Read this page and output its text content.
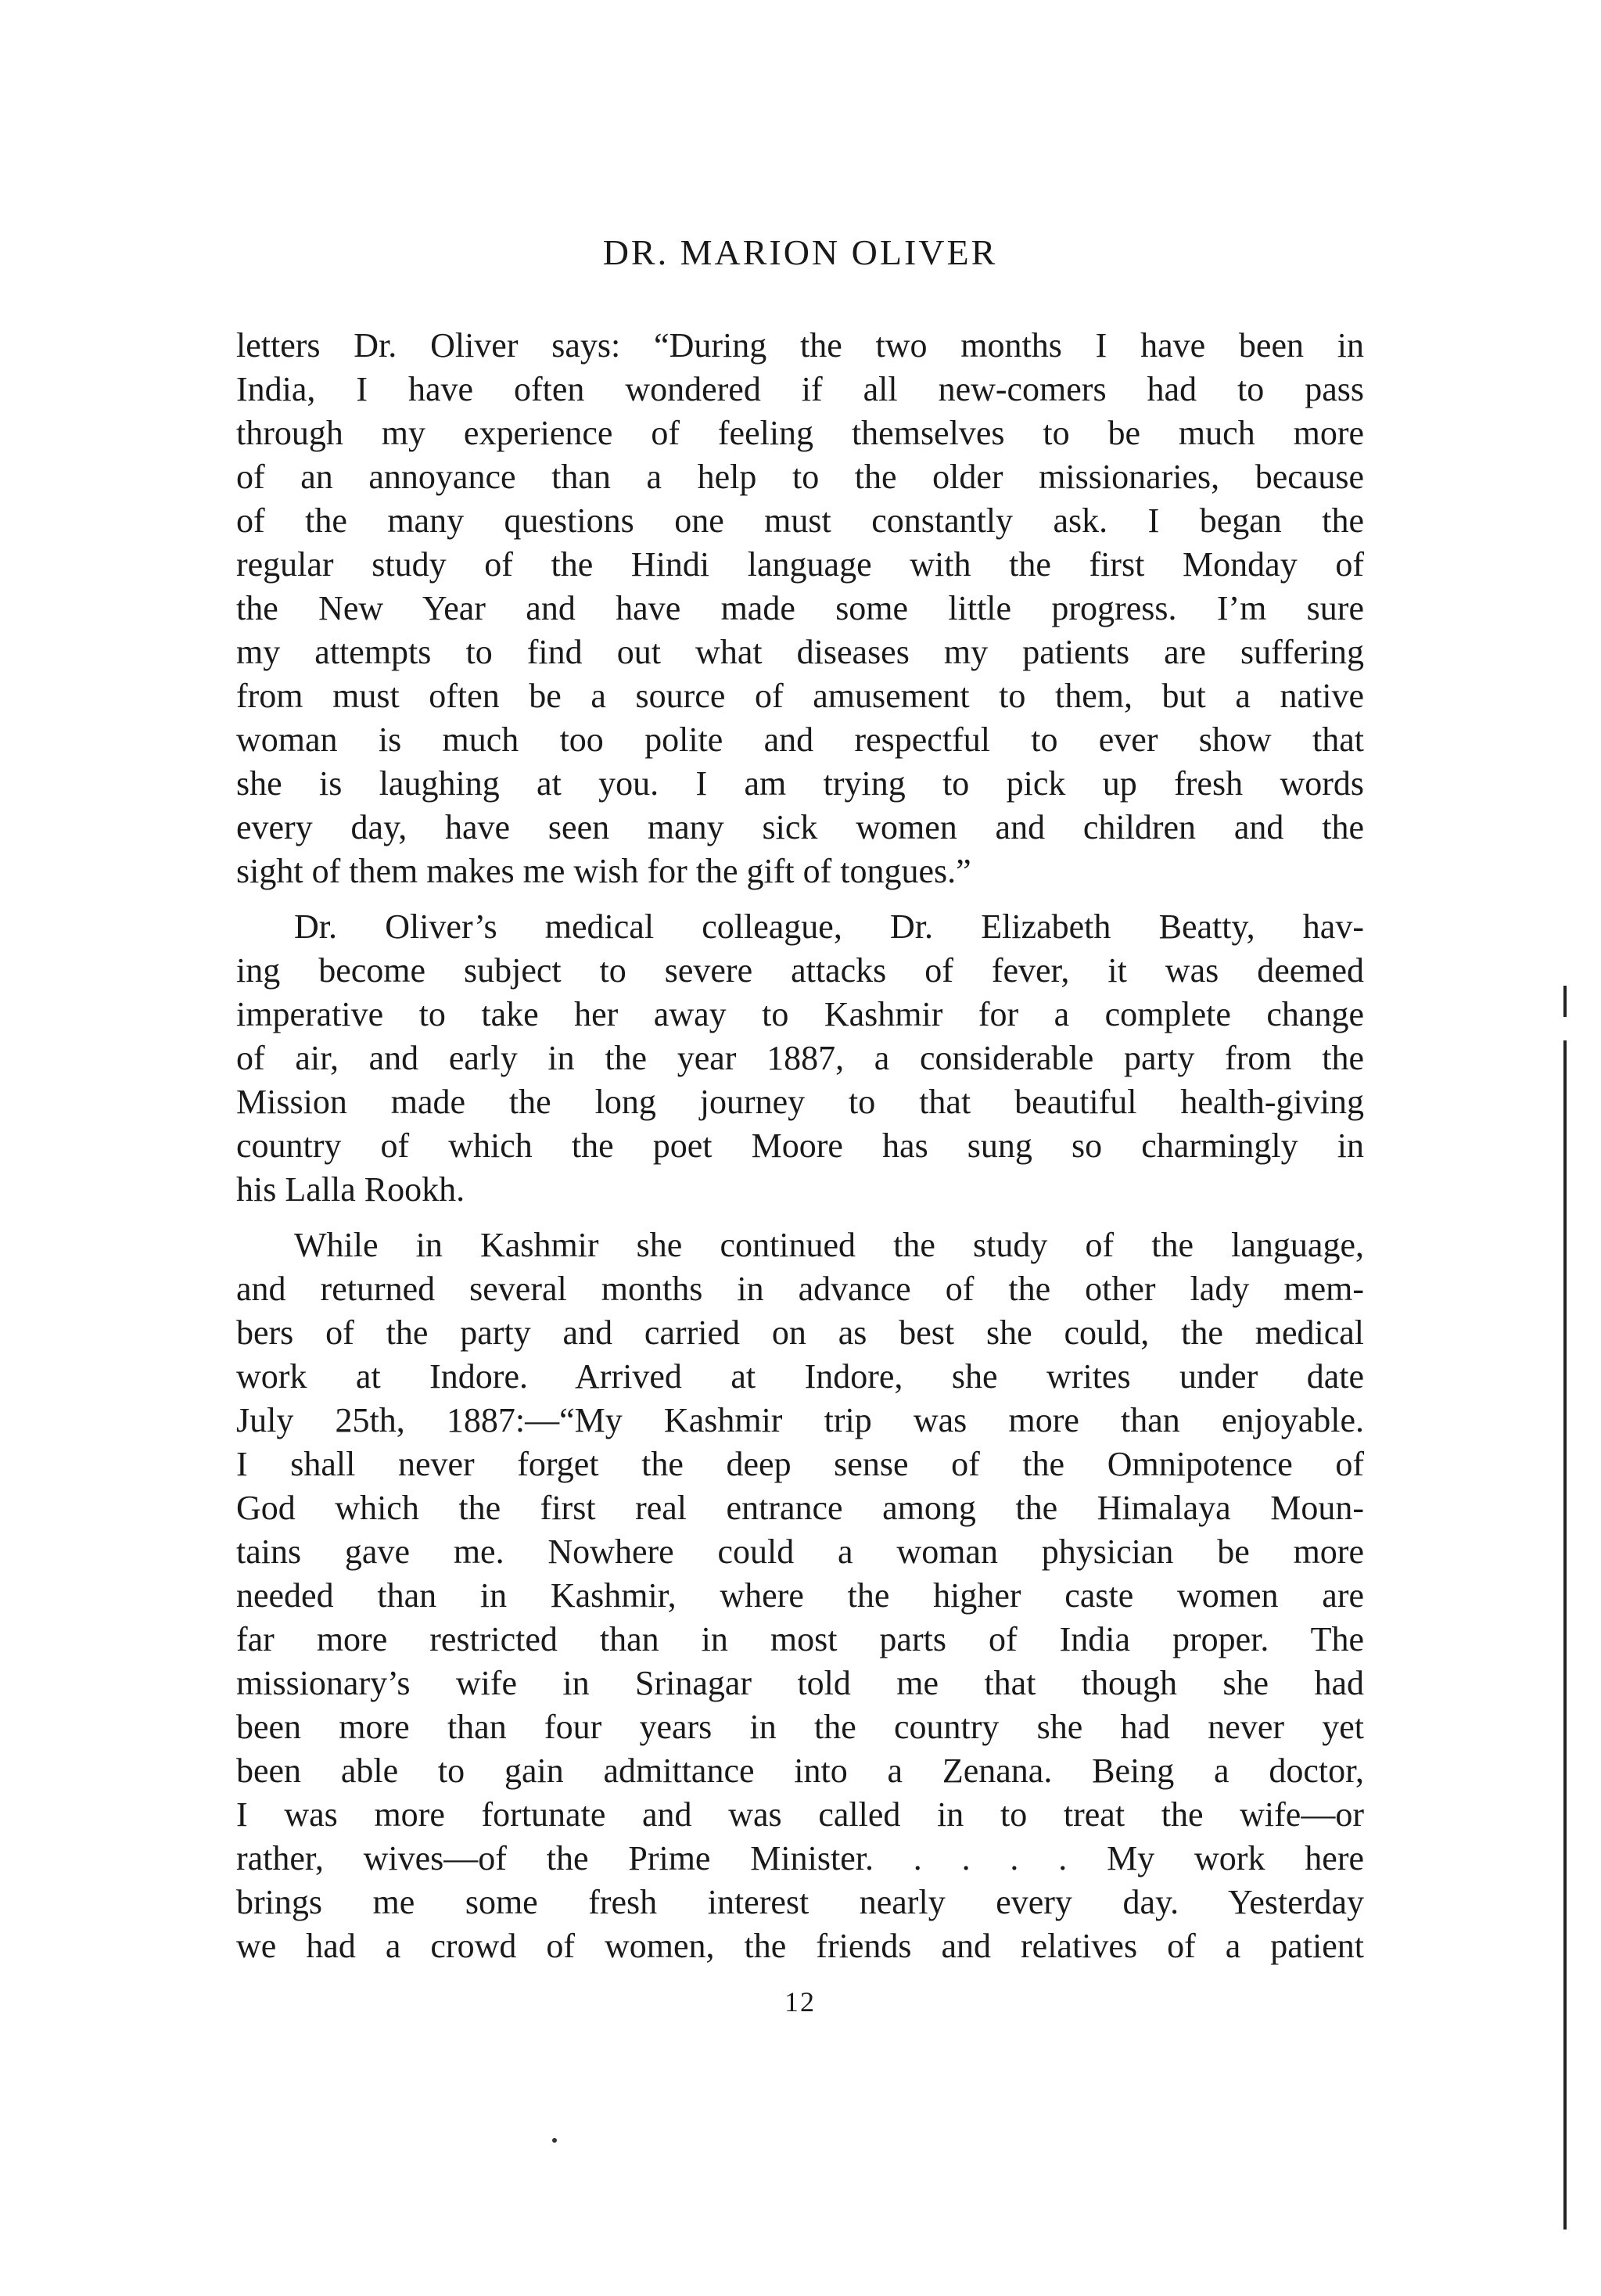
DR. MARION OLIVER
letters Dr. Oliver says: “During the two months I have been in
India, I have often wondered if all new-comers had to pass
through my experience of feeling themselves to be much more
of an annoyance than a help to the older missionaries, because
of the many questions one must constantly ask. I began the
regular study of the Hindi language with the first Monday of
the New Year and have made some little progress. I’m sure
my attempts to find out what diseases my patients are suffering
from must often be a source of amusement to them, but a native
woman is much too polite and respectful to ever show that
she is laughing at you. I am trying to pick up fresh words
every day, have seen many sick women and children and the
sight of them makes me wish for the gift of tongues.”
Dr. Oliver’s medical colleague, Dr. Elizabeth Beatty, hav-
ing become subject to severe attacks of fever, it was deemed
imperative to take her away to Kashmir for a complete change
of air, and early in the year 1887, a considerable party from the
Mission made the long journey to that beautiful health-giving
country of which the poet Moore has sung so charmingly in
his Lalla Rookh.
While in Kashmir she continued the study of the language,
and returned several months in advance of the other lady mem-
bers of the party and carried on as best she could, the medical
work at Indore. Arrived at Indore, she writes under date
July 25th, 1887:—“My Kashmir trip was more than enjoyable.
I shall never forget the deep sense of the Omnipotence of
God which the first real entrance among the Himalaya Moun-
tains gave me. Nowhere could a woman physician be more
needed than in Kashmir, where the higher caste women are
far more restricted than in most parts of India proper. The
missionary’s wife in Srinagar told me that though she had
been more than four years in the country she had never yet
been able to gain admittance into a Zenana. Being a doctor,
I was more fortunate and was called in to treat the wife—or
rather, wives—of the Prime Minister. . . . . My work here
brings me some fresh interest nearly every day. Yesterday
we had a crowd of women, the friends and relatives of a patient
12
